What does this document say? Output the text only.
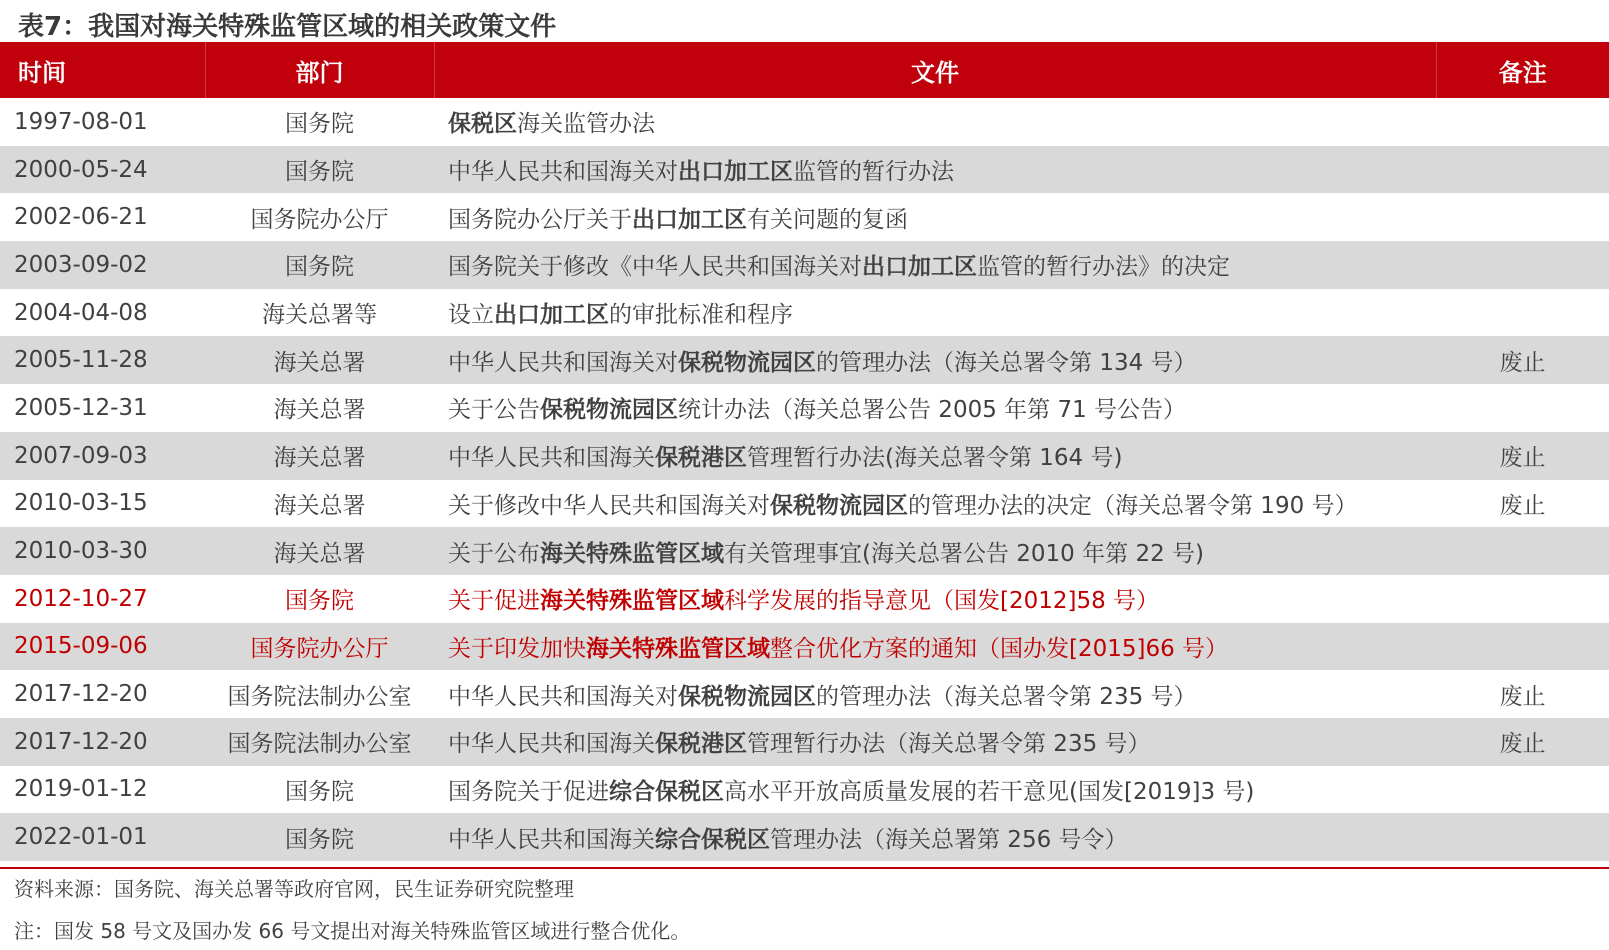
表7：我国对海关特殊监管区域的相关政策文件
时间	部门	文件	备注
1997-08-01	国务院	保税区海关监管办法	
2000-05-24	国务院	中华人民共和国海关对出口加工区监管的暂行办法	
2002-06-21	国务院办公厅	国务院办公厅关于出口加工区有关问题的复函	
2003-09-02	国务院	国务院关于修改《中华人民共和国海关对出口加工区监管的暂行办法》的决定	
2004-04-08	海关总署等	设立出口加工区的审批标准和程序	
2005-11-28	海关总署	中华人民共和国海关对保税物流园区的管理办法（海关总署令第 134 号）	废止
2005-12-31	海关总署	关于公告保税物流园区统计办法（海关总署公告 2005 年第 71 号公告）	
2007-09-03	海关总署	中华人民共和国海关保税港区管理暂行办法(海关总署令第 164 号)	废止
2010-03-15	海关总署	关于修改中华人民共和国海关对保税物流园区的管理办法的决定（海关总署令第 190 号）	废止
2010-03-30	海关总署	关于公布海关特殊监管区域有关管理事宜(海关总署公告 2010 年第 22 号)	
2012-10-27	国务院	关于促进海关特殊监管区域科学发展的指导意见（国发[2012]58 号）	
2015-09-06	国务院办公厅	关于印发加快海关特殊监管区域整合优化方案的通知（国办发[2015]66 号）	
2017-12-20	国务院法制办公室	中华人民共和国海关对保税物流园区的管理办法（海关总署令第 235 号）	废止
2017-12-20	国务院法制办公室	中华人民共和国海关保税港区管理暂行办法（海关总署令第 235 号）	废止
2019-01-12	国务院	国务院关于促进综合保税区高水平开放高质量发展的若干意见(国发[2019]3 号)	
2022-01-01	国务院	中华人民共和国海关综合保税区管理办法（海关总署第 256 号令）	
资料来源：国务院、海关总署等政府官网，民生证券研究院整理
注：国发 58 号文及国办发 66 号文提出对海关特殊监管区域进行整合优化。
